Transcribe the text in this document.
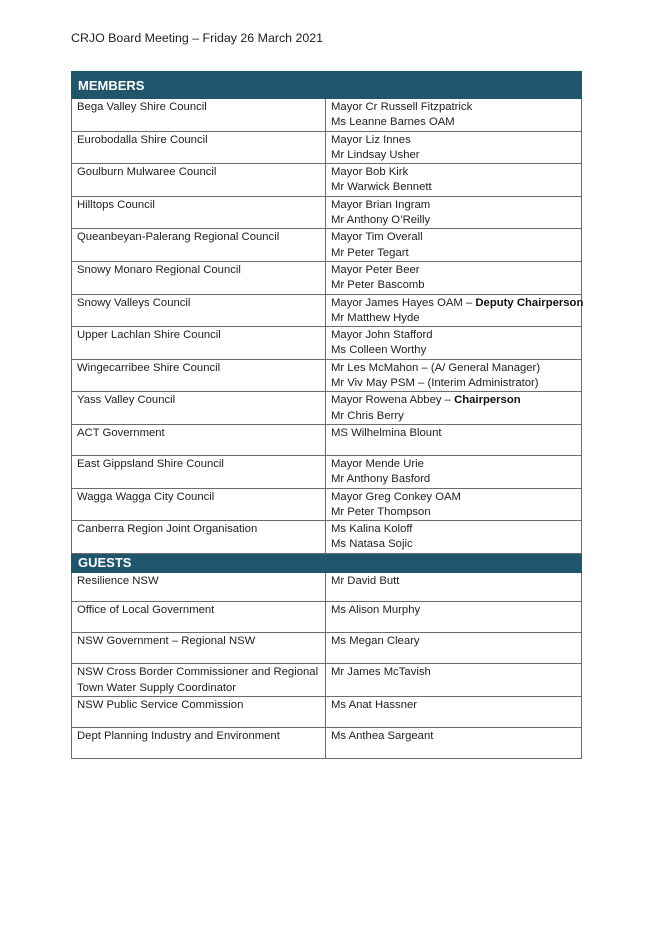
CRJO Board Meeting – Friday 26 March 2021
MEMBERS	
Bega Valley Shire Council	Mayor Cr Russell Fitzpatrick

Ms Leanne Barnes OAM

Eurobodalla Shire Council	Mayor Liz Innes

Mr Lindsay Usher

Goulburn Mulwaree Council	Mayor Bob Kirk

Mr Warwick Bennett

Hilltops Council	Mayor Brian Ingram

Mr Anthony O’Reilly

Queanbeyan-Palerang Regional Council	Mayor Tim Overall

Mr Peter Tegart

Snowy Monaro Regional Council	Mayor Peter Beer

Mr Peter Bascomb

Snowy Valleys Council	Mayor James Hayes OAM – Deputy Chairperson

Mr Matthew Hyde

Upper Lachlan Shire Council	Mayor John Stafford

Ms Colleen Worthy

Wingecarribee Shire Council	Mr Les McMahon – (A/ General Manager)

Mr Viv May PSM – (Interim Administrator)

Yass Valley Council	Mayor Rowena Abbey – Chairperson

Mr Chris Berry

ACT Government	MS Wilhelmina Blount

East Gippsland Shire Council	Mayor Mende Urie

Mr Anthony Basford

Wagga Wagga City Council	Mayor Greg Conkey OAM

Mr Peter Thompson

Canberra Region Joint Organisation	Ms Kalina Koloff

Ms Natasa Sojic

GUESTS	
Resilience NSW	Mr David Butt
Office of Local Government	Ms Alison Murphy
NSW Government – Regional NSW	Ms Megan Cleary
NSW Cross Border Commissioner and Regional Town Water Supply Coordinator	Mr James McTavish
NSW Public Service Commission	Ms Anat Hassner
Dept Planning Industry and Environment	Ms Anthea Sargeant
